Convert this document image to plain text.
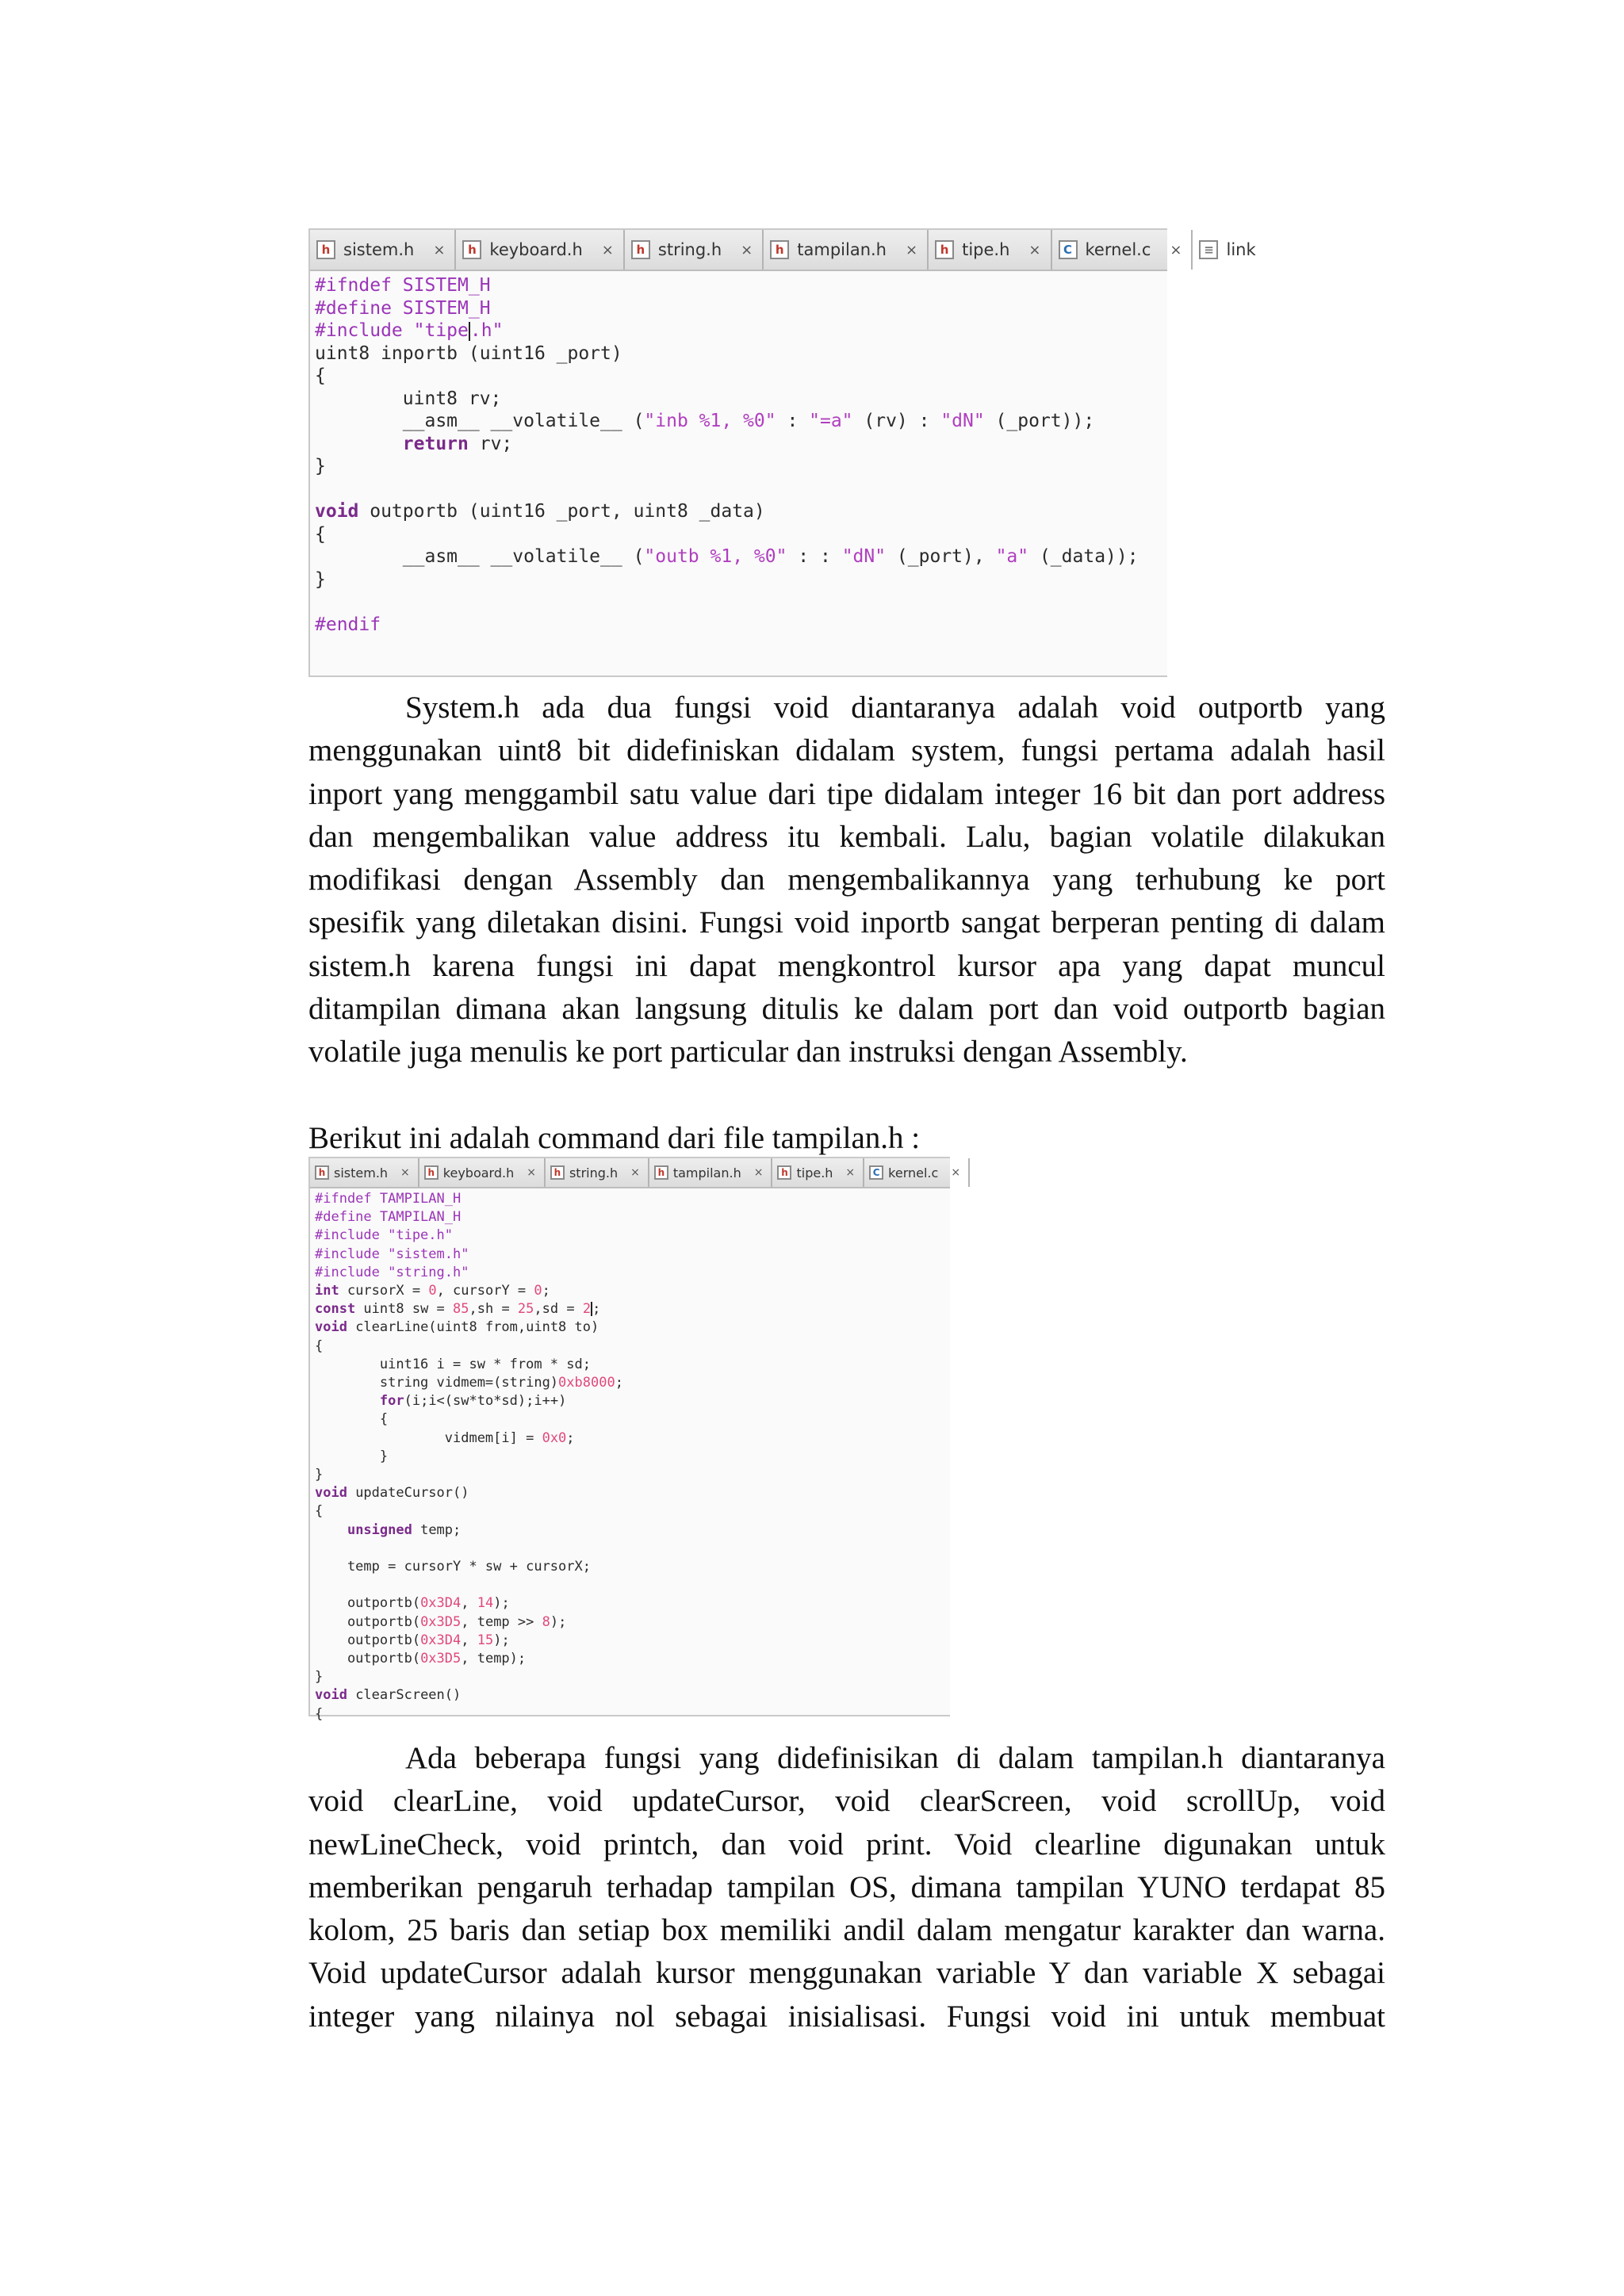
h sistem.h ×	h keyboard.h ×	h string.h ×	h tampilan.h ×	h tipe.h ×	C kernel.c ×	≡ link
#ifndef SISTEM_H
#define SISTEM_H
#include "tipe.h"
uint8 inportb (uint16 _port)
{
uint8 rv;
__asm__ __volatile__ ("inb %1, %0" : "=a" (rv) : "dN" (_port));
return rv;
}

void outportb (uint16 _port, uint8 _data)
{
__asm__ __volatile__ ("outb %1, %0" : : "dN" (_port), "a" (_data));
}

#endif
System.h ada dua fungsi void diantaranya adalah void outportb yang
menggunakan uint8 bit didefiniskan didalam system, fungsi pertama adalah hasil
inport yang menggambil satu value dari tipe didalam integer 16 bit dan port address
dan mengembalikan value address itu kembali. Lalu, bagian volatile dilakukan
modifikasi dengan Assembly dan mengembalikannya yang terhubung ke port
spesifik yang diletakan disini. Fungsi void inportb sangat berperan penting di dalam
sistem.h karena fungsi ini dapat mengkontrol kursor apa yang dapat muncul
ditampilan dimana akan langsung ditulis ke dalam port dan void outportb bagian
volatile juga menulis ke port particular dan instruksi dengan Assembly.
Berikut ini adalah command dari file tampilan.h :
h sistem.h ×	h keyboard.h ×	h string.h ×	h tampilan.h ×	h tipe.h ×	C kernel.c ×
#ifndef TAMPILAN_H
#define TAMPILAN_H
#include "tipe.h"
#include "sistem.h"
#include "string.h"
int cursorX = 0, cursorY = 0;
const uint8 sw = 85,sh = 25,sd = 2 ;
void clearLine(uint8 from,uint8 to)
{
uint16 i = sw * from * sd;
string vidmem=(string)0xb8000;
for(i;i<(sw*to*sd);i++)
{
vidmem[i] = 0x0;
}
}
void updateCursor()
{
unsigned temp;

temp = cursorY * sw + cursorX;

outportb(0x3D4, 14);
outportb(0x3D5, temp >> 8);
outportb(0x3D4, 15);
outportb(0x3D5, temp);
}
void clearScreen()
{
Ada beberapa fungsi yang didefinisikan di dalam tampilan.h diantaranya
void clearLine, void updateCursor, void clearScreen, void scrollUp, void
newLineCheck, void printch, dan void print. Void clearline digunakan untuk
memberikan pengaruh terhadap tampilan OS, dimana tampilan YUNO terdapat 85
kolom, 25 baris dan setiap box memiliki andil dalam mengatur karakter dan warna.
Void updateCursor adalah kursor menggunakan variable Y dan variable X sebagai
integer yang nilainya nol sebagai inisialisasi. Fungsi void ini untuk membuat
